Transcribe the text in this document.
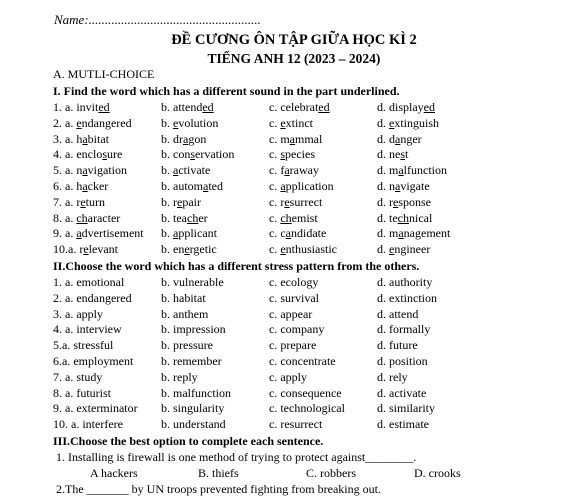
Name:.....................................................
ĐỀ CƯƠNG ÔN TẬP GIỮA HỌC KÌ 2
TIẾNG ANH 12 (2023 – 2024)
A. MUTLI-CHOICE
I. Find the word which has a different sound in the part underlined.
1. a. invited	b. attended	c. celebrated	d. displayed
2. a. endangered b. evolution	c. extinct	d. extinguish
3. a. habitat	b. dragon	c. mammal	d. danger
4. a. enclosure	b. conservation	c. species	d. nest
5. a. navigation	b. activate	c. faraway	d. malfunction
6. a. hacker	b. automated	c. application	d. navigate
7. a. return	b. repair	c. resurrect	d. response
8. a. character	b. teacher	c. chemist	d. technical
9. a. advertisement b. applicant	c. candidate	d. management
10.a. relevant	b. energetic	c. enthusiastic	d. engineer
II.Choose the word which has a different stress pattern from the others.
1. a. emotional	b. vulnerable	c. ecology	d. authority
2. a. endangered b. habitat	c. survival	d. extinction
3. a. apply	b. anthem	c. appear	d. attend
4. a. interview	b. impression	c. company	d. formally
5.a. stressful	b. pressure	c. prepare	d. future
6.a. employment b. remember	c. concentrate	d. position
7. a. study	b. reply	c. apply	d. rely
8. a. futurist	b. malfunction	c. consequence	d. activate
9. a. exterminator b. singularity	c. technological	d. similarity
10. a. interfere	b. understand	c. resurrect	d. estimate
III.Choose the best option to complete each sentence.
1. Installing is firewall is one method of trying to protect against________.
A hackers	B. thiefs	C. robbers	D. crooks
2.The _______ by UN troops prevented fighting from breaking out.
